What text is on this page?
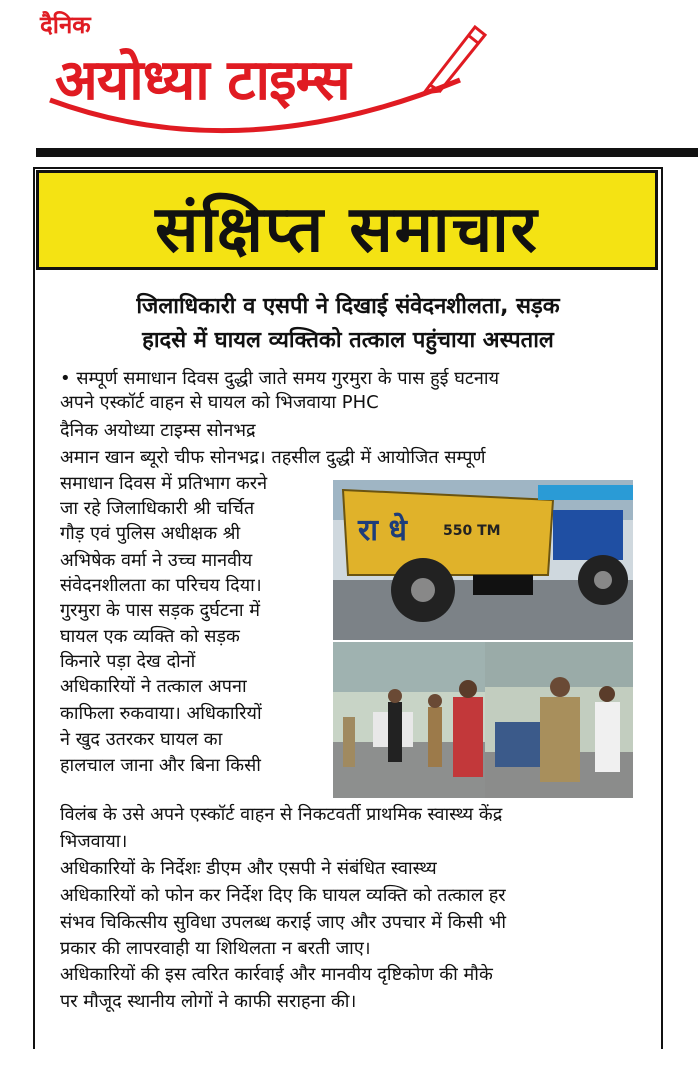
दैनिक
अयोध्या टाइम्स
संक्षिप्त समाचार
जिलाधिकारी व एसपी ने दिखाई संवेदनशीलता, सड़क
हादसे में घायल व्यक्तिको तत्काल पहुंचाया अस्पताल
• सम्पूर्ण समाधान दिवस दुद्धी जाते समय गुरमुरा के पास हुई घटनाय
अपने एस्कॉर्ट वाहन से घायल को भिजवाया PHC
दैनिक अयोध्या टाइम्स सोनभद्र
अमान खान ब्यूरो चीफ सोनभद्र। तहसील दुद्धी में आयोजित सम्पूर्ण
समाधान दिवस में प्रतिभाग करने
जा रहे जिलाधिकारी श्री चर्चित
गौड़ एवं पुलिस अधीक्षक श्री
अभिषेक वर्मा ने उच्च मानवीय
संवेदनशीलता का परिचय दिया।
गुरमुरा के पास सड़क दुर्घटना में
घायल एक व्यक्ति को सड़क
किनारे पड़ा देख दोनों
अधिकारियों ने तत्काल अपना
काफिला रुकवाया। अधिकारियों
ने खुद उतरकर घायल का
हालचाल जाना और बिना किसी
विलंब के उसे अपने एस्कॉर्ट वाहन से निकटवर्ती प्राथमिक स्वास्थ्य केंद्र
भिजवाया।
अधिकारियों के निर्देशः डीएम और एसपी ने संबंधित स्वास्थ्य
अधिकारियों को फोन कर निर्देश दिए कि घायल व्यक्ति को तत्काल हर
संभव चिकित्सीय सुविधा उपलब्ध कराई जाए और उपचार में किसी भी
प्रकार की लापरवाही या शिथिलता न बरती जाए।
अधिकारियों की इस त्वरित कार्रवाई और मानवीय दृष्टिकोण की मौके
पर मौजूद स्थानीय लोगों ने काफी सराहना की।
रा धे	550 TM
